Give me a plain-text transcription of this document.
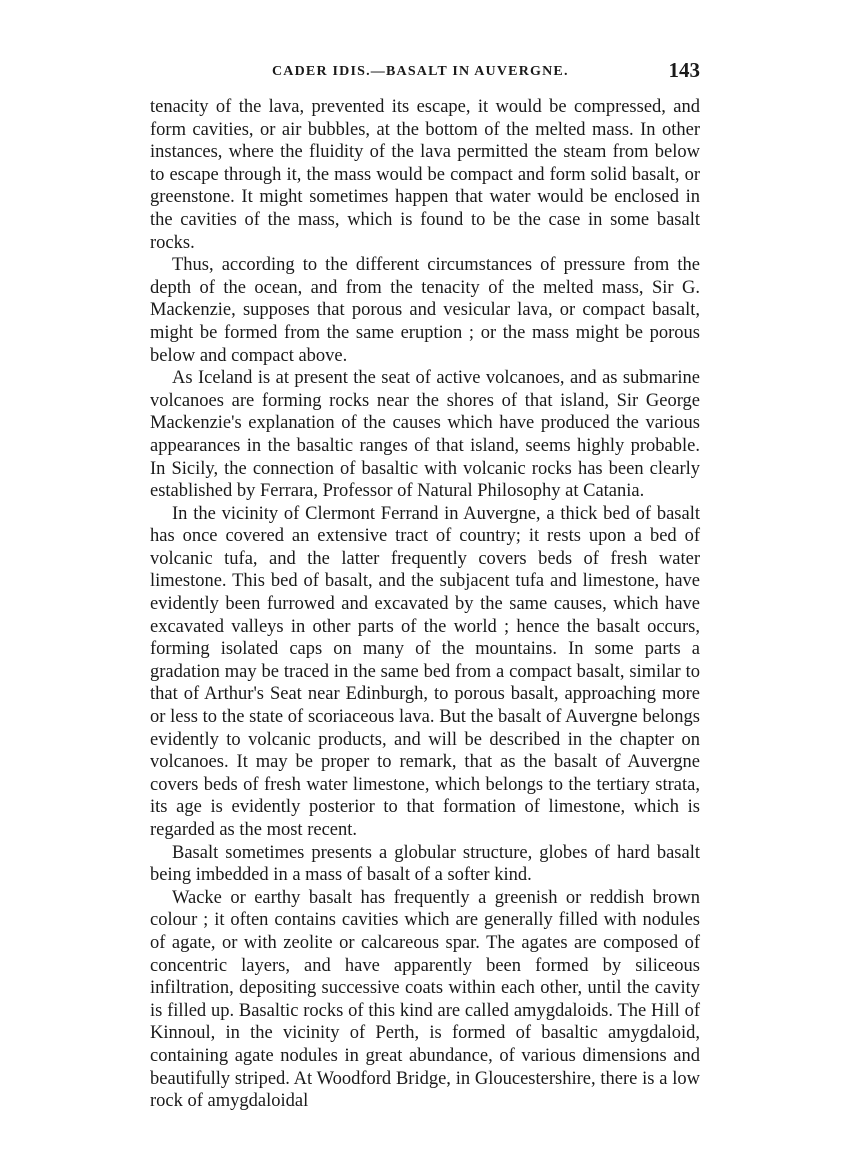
CADER IDIS.—BASALT IN AUVERGNE.	143

tenacity of the lava, prevented its escape, it would be compressed, and form cavities, or air bubbles, at the bottom of the melted mass. In other instances, where the fluidity of the lava permitted the steam from below to escape through it, the mass would be compact and form solid basalt, or greenstone. It might sometimes happen that water would be enclosed in the cavities of the mass, which is found to be the case in some basalt rocks.

Thus, according to the different circumstances of pressure from the depth of the ocean, and from the tenacity of the melted mass, Sir G. Mackenzie, supposes that porous and vesicular lava, or compact basalt, might be formed from the same eruption ; or the mass might be porous below and compact above.

As Iceland is at present the seat of active volcanoes, and as submarine volcanoes are forming rocks near the shores of that island, Sir George Mackenzie's explanation of the causes which have produced the various appearances in the basaltic ranges of that island, seems highly probable. In Sicily, the connection of basaltic with volcanic rocks has been clearly established by Ferrara, Professor of Natural Philosophy at Catania.

In the vicinity of Clermont Ferrand in Auvergne, a thick bed of basalt has once covered an extensive tract of country; it rests upon a bed of volcanic tufa, and the latter frequently covers beds of fresh water limestone. This bed of basalt, and the subjacent tufa and limestone, have evidently been furrowed and excavated by the same causes, which have excavated valleys in other parts of the world ; hence the basalt occurs, forming isolated caps on many of the mountains. In some parts a gradation may be traced in the same bed from a compact basalt, similar to that of Arthur's Seat near Edinburgh, to porous basalt, approaching more or less to the state of scoriaceous lava. But the basalt of Auvergne belongs evidently to volcanic products, and will be described in the chapter on volcanoes. It may be proper to remark, that as the basalt of Auvergne covers beds of fresh water limestone, which belongs to the tertiary strata, its age is evidently posterior to that formation of limestone, which is regarded as the most recent.

Basalt sometimes presents a globular structure, globes of hard basalt being imbedded in a mass of basalt of a softer kind.

Wacke or earthy basalt has frequently a greenish or reddish brown colour ; it often contains cavities which are generally filled with nodules of agate, or with zeolite or calcareous spar. The agates are composed of concentric layers, and have apparently been formed by siliceous infiltration, depositing successive coats within each other, until the cavity is filled up. Basaltic rocks of this kind are called amygdaloids. The Hill of Kinnoul, in the vicinity of Perth, is formed of basaltic amygdaloid, containing agate nodules in great abundance, of various dimensions and beautifully striped. At Woodford Bridge, in Gloucestershire, there is a low rock of amygdaloidal
